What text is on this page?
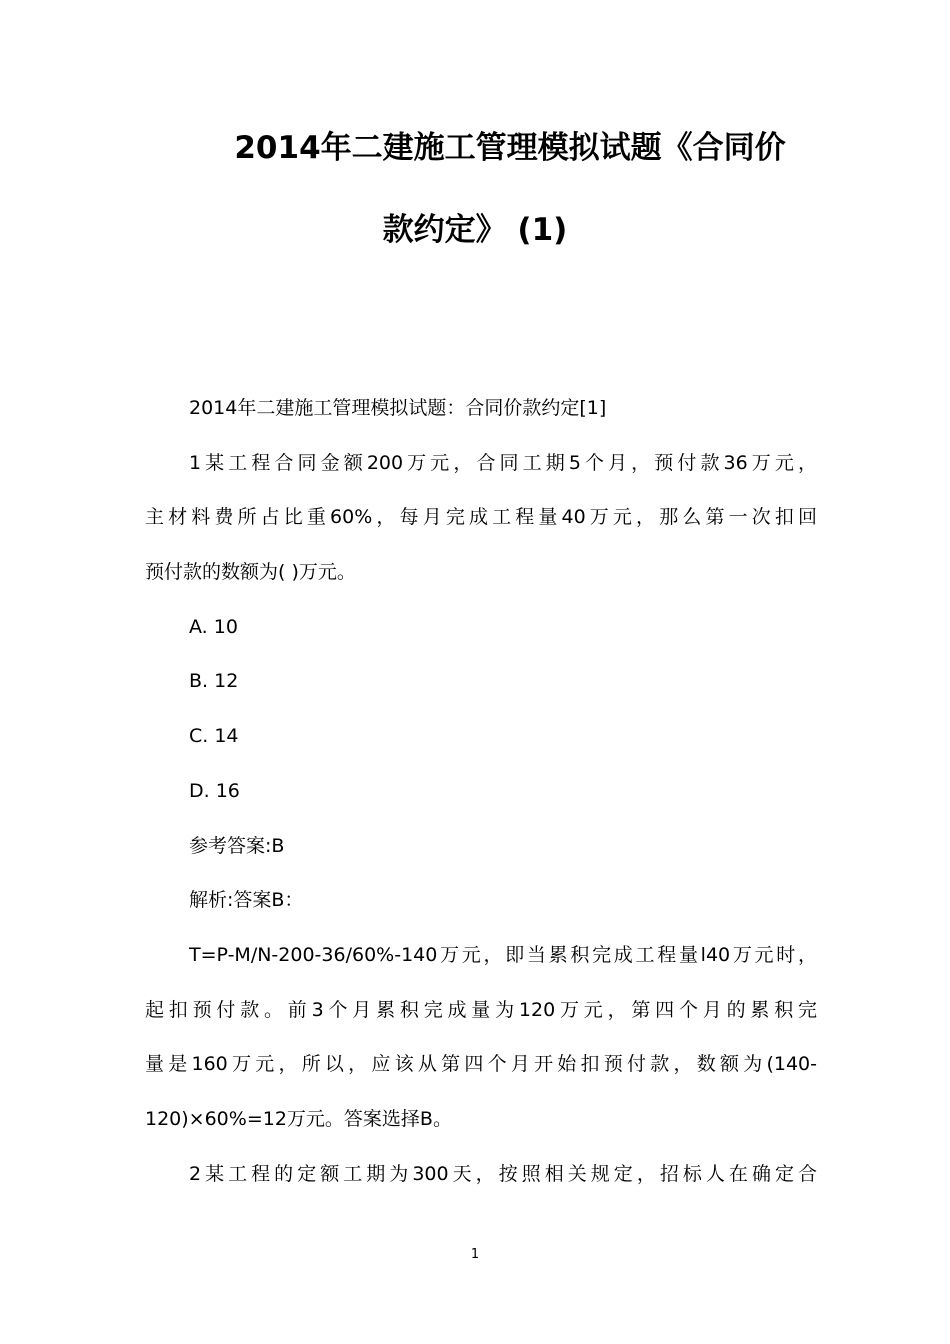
2014年二建施工管理模拟试题《合同价
款约定》 (1)
2014年二建施工管理模拟试题：合同价款约定[1]
1某工程合同金额200万元，合同工期5个月，预付款36万元，
主材料费所占比重60%，每月完成工程量40万元，那么第一次扣回
预付款的数额为( )万元。
A. 10
B. 12
C. 14
D. 16
参考答案:B
解析:答案B：
T=P-M/N-200-36/60%-140万元，即当累积完成工程量l40万元时，
起扣预付款。前3个月累积完成量为120万元，第四个月的累积完
量是160万元，所以，应该从第四个月开始扣预付款，数额为(140-
120)×60%=12万元。答案选择B。
2某工程的定额工期为300天，按照相关规定，招标人在确定合
1
